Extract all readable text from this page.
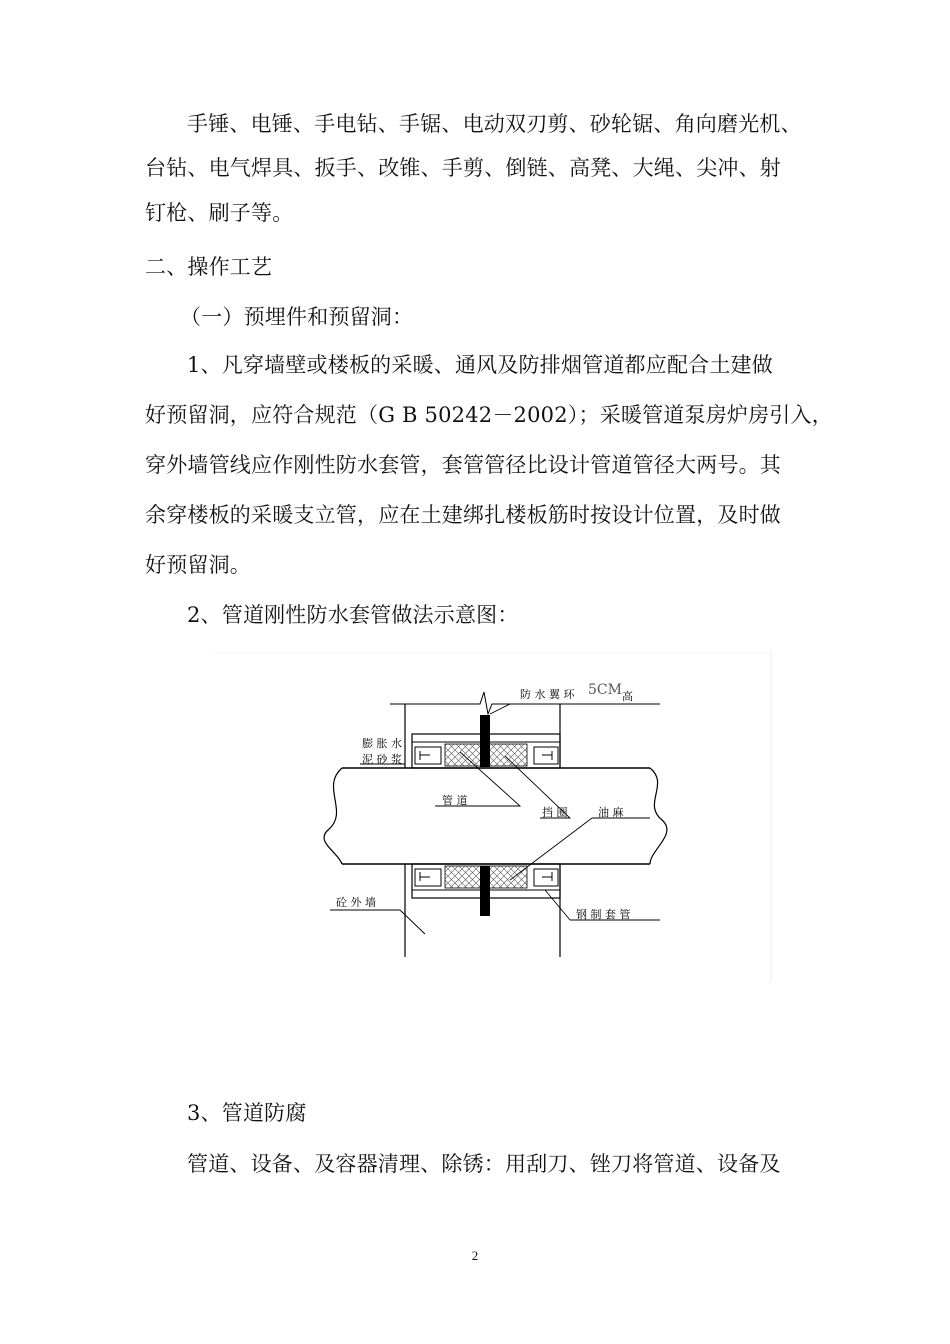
手锤、电锤、手电钻、手锯、电动双刃剪、砂轮锯、角向磨光机、
台钻、电气焊具、扳手、改锥、手剪、倒链、高凳、大绳、尖冲、射
钉枪、刷子等。
二、操作工艺
（一）预埋件和预留洞：
1、凡穿墙壁或楼板的采暖、通风及防排烟管道都应配合土建做
好预留洞，应符合规范（G B 50242－2002）；采暖管道泵房炉房引入，
穿外墙管线应作刚性防水套管，套管管径比设计管道管径大两号。其
余穿楼板的采暖支立管，应在土建绑扎楼板筋时按设计位置，及时做
好预留洞。
2、管道刚性防水套管做法示意图：
防 水 翼 环 5CM 高
膨 胀 水
泥 砂 浆
管 道
挡 圈	油 麻
砼 外 墙
钢 制 套 管
3、管道防腐
管道、设备、及容器清理、除锈：用刮刀、锉刀将管道、设备及
2
